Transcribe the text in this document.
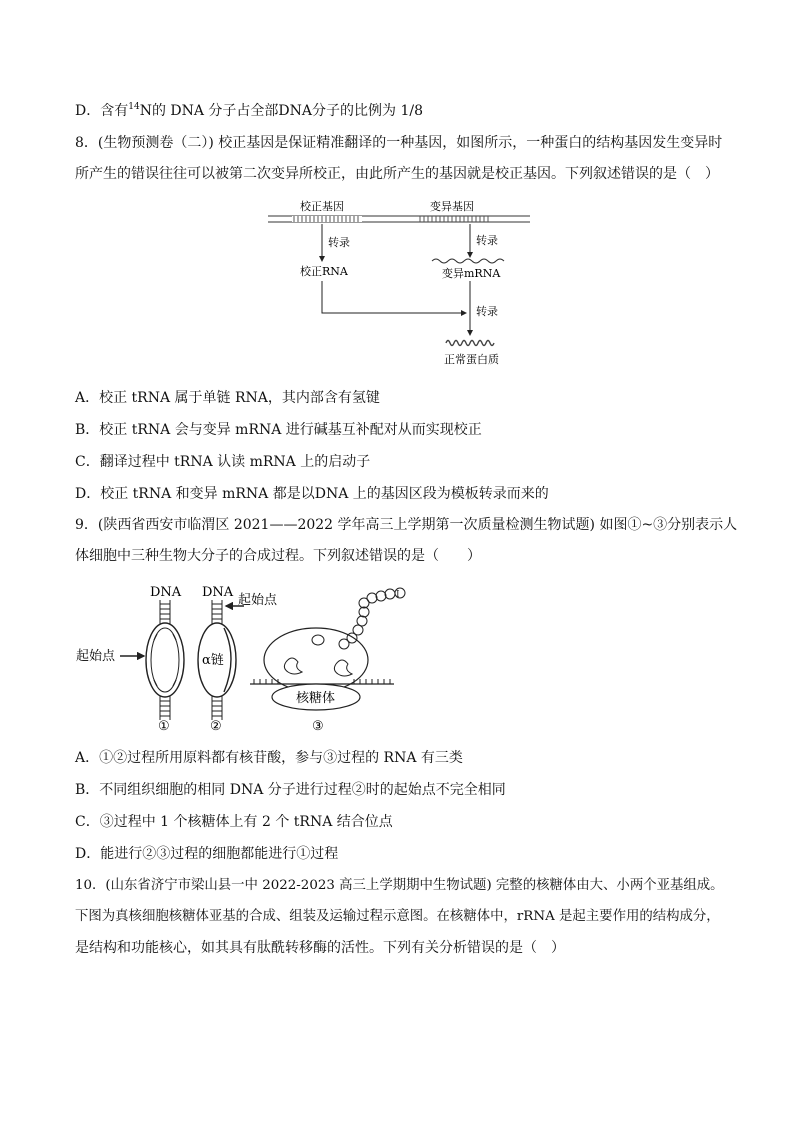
D．含有$^{14}$N的 DNA 分子占全部DNA分子的比例为 1/8
8．(生物预测卷（二）) 校正基因是保证精准翻译的一种基因，如图所示，一种蛋白的结构基因发生变异时
所产生的错误往往可以被第二次变异所校正，由此所产生的基因就是校正基因。下列叙述错误的是（　）
校正基因	变异基因
转录
校正RNA
转录
变异mRNA
转录
正常蛋白质
A．校正 tRNA 属于单链 RNA，其内部含有氢键
B．校正 tRNA 会与变异 mRNA 进行碱基互补配对从而实现校正
C．翻译过程中 tRNA 认读 mRNA 上的启动子
D．校正 tRNA 和变异 mRNA 都是以DNA 上的基因区段为模板转录而来的
9．(陕西省西安市临渭区 2021——2022 学年高三上学期第一次质量检测生物试题) 如图①~③分别表示人
体细胞中三种生物大分子的合成过程。下列叙述错误的是（　　）
DNA
起始点
①
DNA
α链
起始点
②
核糖体
I
③
A．①②过程所用原料都有核苷酸，参与③过程的 RNA 有三类
B．不同组织细胞的相同 DNA 分子进行过程②时的起始点不完全相同
C．③过程中 1 个核糖体上有 2 个 tRNA 结合位点
D．能进行②③过程的细胞都能进行①过程
10．(山东省济宁市梁山县一中 2022-2023 高三上学期期中生物试题) 完整的核糖体由大、小两个亚基组成。
下图为真核细胞核糖体亚基的合成、组装及运输过程示意图。在核糖体中，rRNA 是起主要作用的结构成分，
是结构和功能核心，如其具有肽酰转移酶的活性。下列有关分析错误的是（　）
